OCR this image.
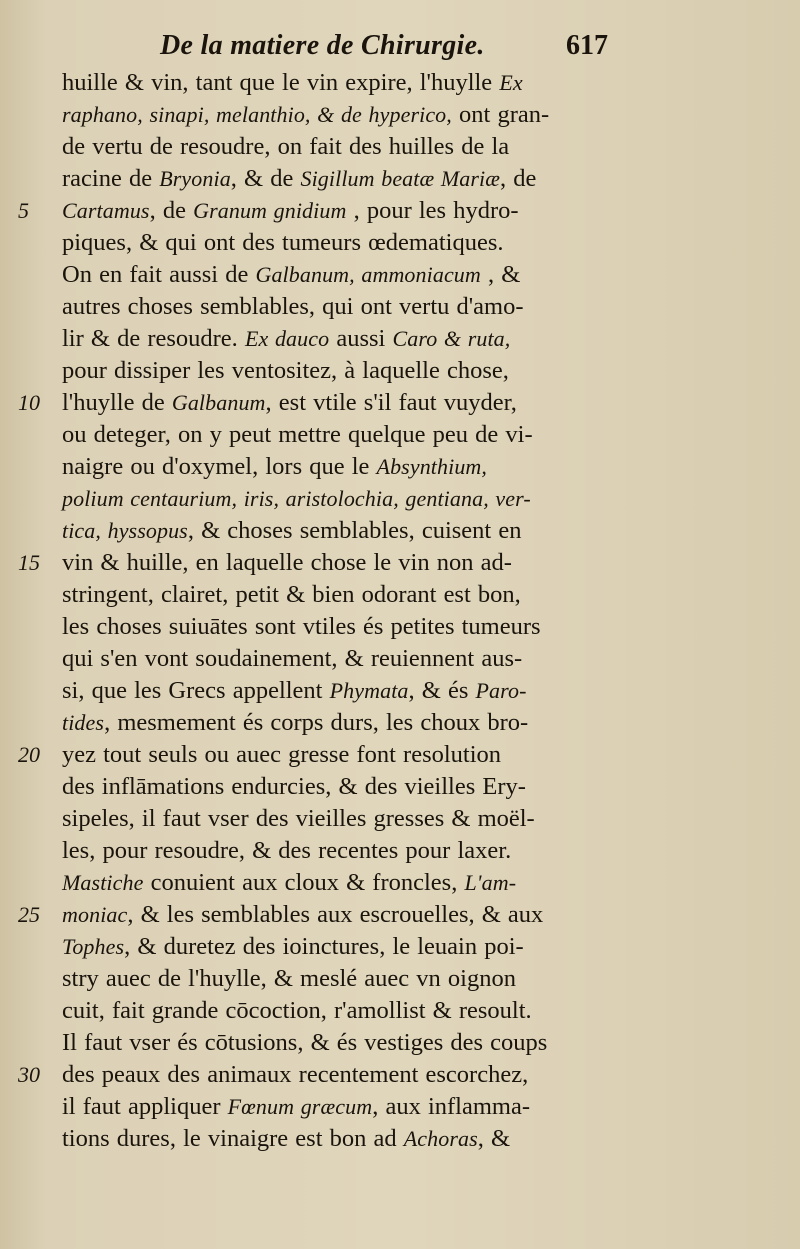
De la matiere de Chirurgie.	617
huille & vin, tant que le vin expire, l'huylle Ex
raphano, sinapi, melanthio, & de hyperico, ont gran-
de vertu de resoudre, on fait des huilles de la
racine de Bryonia, & de Sigillum beatæ Mariæ, de
5	Cartamus, de Granum gnidium , pour les hydro-
piques, & qui ont des tumeurs œdematiques.
On en fait aussi de Galbanum, ammoniacum , &
autres choses semblables, qui ont vertu d'amo-
lir & de resoudre. Ex dauco aussi Caro & ruta,
pour dissiper les ventositez, à laquelle chose,
10 l'huylle de Galbanum, est vtile s'il faut vuyder,
ou deteger, on y peut mettre quelque peu de vi-
naigre ou d'oxymel, lors que le Absynthium,
polium centaurium, iris, aristolochia, gentiana, ver-
tica, hyssopus, & choses semblables, cuisent en
15 vin & huille, en laquelle chose le vin non ad-
stringent, clairet, petit & bien odorant est bon,
les choses suiuātes sont vtiles és petites tumeurs
qui s'en vont soudainement, & reuiennent aus-
si, que les Grecs appellent Phymata, & és Paro-
tides, mesmement és corps durs, les choux bro-
20 yez tout seuls ou auec gresse font resolution
des inflāmations endurcies, & des vieilles Ery-
sipeles, il faut vser des vieilles gresses & moël-
les, pour resoudre, & des recentes pour laxer.
Mastiche conuient aux cloux & froncles, L'am-
25	moniac, & les semblables aux escrouelles, & aux
Tophes, & duretez des ioinctures, le leuain poi-
stry auec de l'huylle, & meslé auec vn oignon
cuit, fait grande cōcoction, r'amollist & resoult.
Il faut vser és cōtusions, & és vestiges des coups
30 des peaux des animaux recentement escorchez,
il faut appliquer Fœnum græcum, aux inflamma-
tions dures, le vinaigre est bon ad Achoras, &
